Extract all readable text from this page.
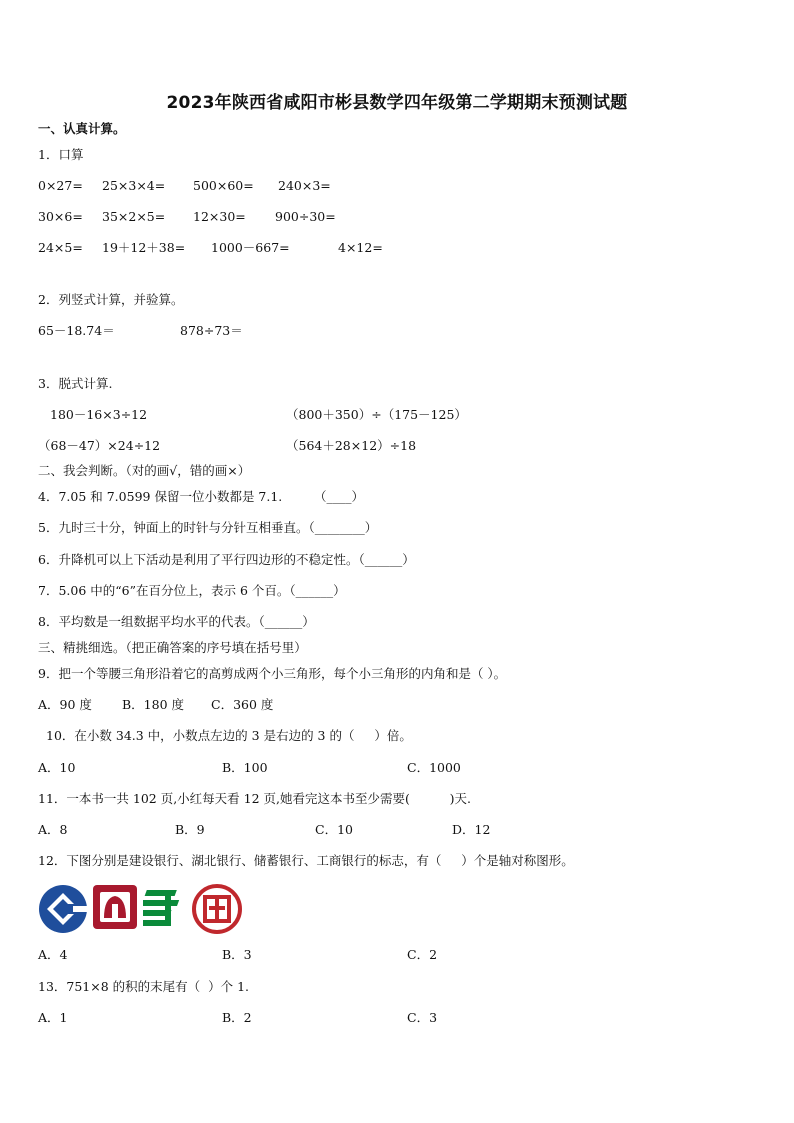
2023年陕西省咸阳市彬县数学四年级第二学期期末预测试题
一、认真计算。
1．口算
0×27= 25×3×4= 500×60= 240×3=
30×6= 35×2×5= 12×30= 900÷30=
24×5= 19＋12＋38= 1000－667=	4×12=
2．列竖式计算，并验算。
65－18.74＝	878÷73＝
3．脱式计算.
180－16×3÷12	（800＋350）÷（175－125）
（68－47）×24÷12	（564＋28×12）÷18
二、我会判断。（对的画√，错的画×）
4．7.05 和 7.0599 保留一位小数都是 7.1.        （____）
5．九时三十分，钟面上的时针与分针互相垂直。（________）
6．升降机可以上下活动是利用了平行四边形的不稳定性。（______）
7．5.06 中的“6”在百分位上，表示 6 个百。（______）
8．平均数是一组数据平均水平的代表。（______）
三、精挑细选。（把正确答案的序号填在括号里）
9．把一个等腰三角形沿着它的高剪成两个小三角形，每个小三角形的内角和是（ ）。
A．90 度 B．180 度 C．360 度
10．在小数 34.3 中，小数点左边的 3 是右边的 3 的（     ）倍。
A．10	B．100	C．1000
11．一本书一共 102 页,小红每天看 12 页,她看完这本书至少需要(          )天.
A．8	B．9	C．10	D．12
12．下图分别是建设银行、湖北银行、储蓄银行、工商银行的标志，有（     ）个是轴对称图形。
A．4	B．3	C．2
13．751×8 的积的末尾有（  ）个 1.
A．1	B．2	C．3
